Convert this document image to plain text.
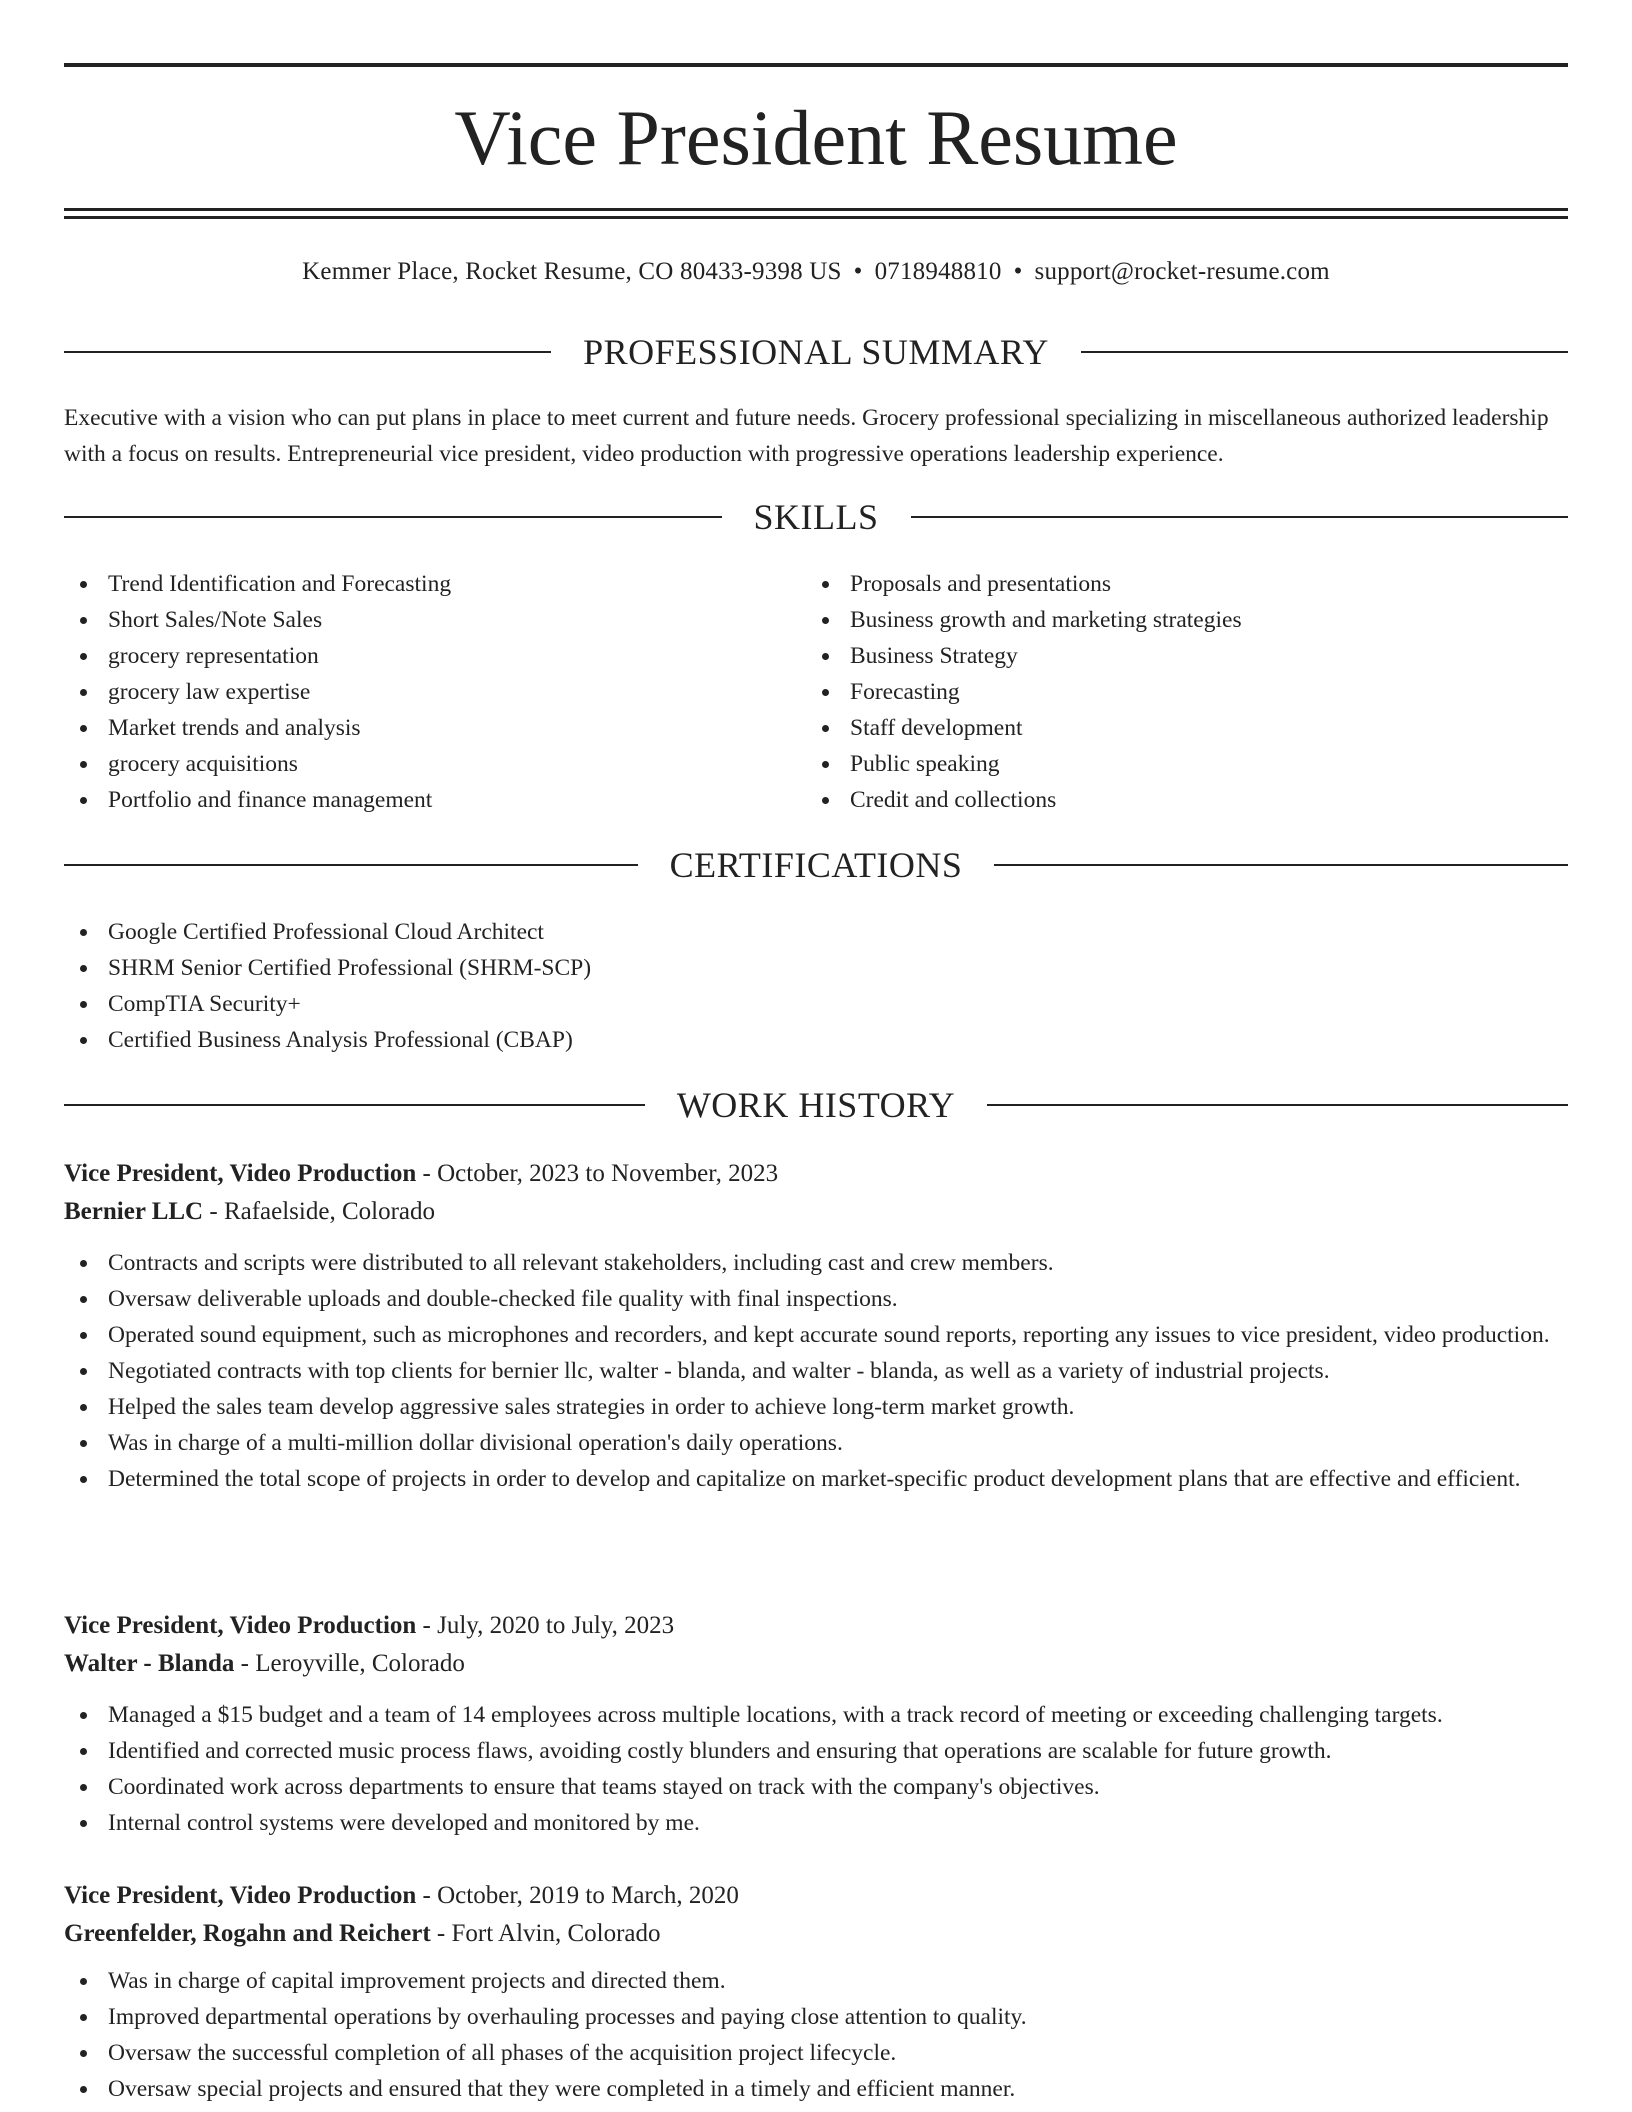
Vice President Resume
Kemmer Place, Rocket Resume, CO 80433-9398 US • 0718948810 • support@rocket-resume.com
PROFESSIONAL SUMMARY

Executive with a vision who can put plans in place to meet current and future needs. Grocery professional specializing in miscellaneous authorized leadership with a focus on results. Entrepreneurial vice president, video production with progressive operations leadership experience.

SKILLS
Trend Identification and Forecasting
Short Sales/Note Sales
grocery representation
grocery law expertise
Market trends and analysis
grocery acquisitions
Portfolio and finance management
Proposals and presentations
Business growth and marketing strategies
Business Strategy
Forecasting
Staff development
Public speaking
Credit and collections
CERTIFICATIONS
Google Certified Professional Cloud Architect
SHRM Senior Certified Professional (SHRM-SCP)
CompTIA Security+
Certified Business Analysis Professional (CBAP)
WORK HISTORY
Vice President, Video Production - October, 2023 to November, 2023
Bernier LLC - Rafaelside, Colorado
Contracts and scripts were distributed to all relevant stakeholders, including cast and crew members.
Oversaw deliverable uploads and double-checked file quality with final inspections.
Operated sound equipment, such as microphones and recorders, and kept accurate sound reports, reporting any issues to vice president, video production.
Negotiated contracts with top clients for bernier llc, walter - blanda, and walter - blanda, as well as a variety of industrial projects.
Helped the sales team develop aggressive sales strategies in order to achieve long-term market growth.
Was in charge of a multi-million dollar divisional operation's daily operations.
Determined the total scope of projects in order to develop and capitalize on market-specific product development plans that are effective and efficient.
Vice President, Video Production - July, 2020 to July, 2023
Walter - Blanda - Leroyville, Colorado
Managed a $15 budget and a team of 14 employees across multiple locations, with a track record of meeting or exceeding challenging targets.
Identified and corrected music process flaws, avoiding costly blunders and ensuring that operations are scalable for future growth.
Coordinated work across departments to ensure that teams stayed on track with the company's objectives.
Internal control systems were developed and monitored by me.
Vice President, Video Production - October, 2019 to March, 2020
Greenfelder, Rogahn and Reichert - Fort Alvin, Colorado
Was in charge of capital improvement projects and directed them.
Improved departmental operations by overhauling processes and paying close attention to quality.
Oversaw the successful completion of all phases of the acquisition project lifecycle.
Oversaw special projects and ensured that they were completed in a timely and efficient manner.
